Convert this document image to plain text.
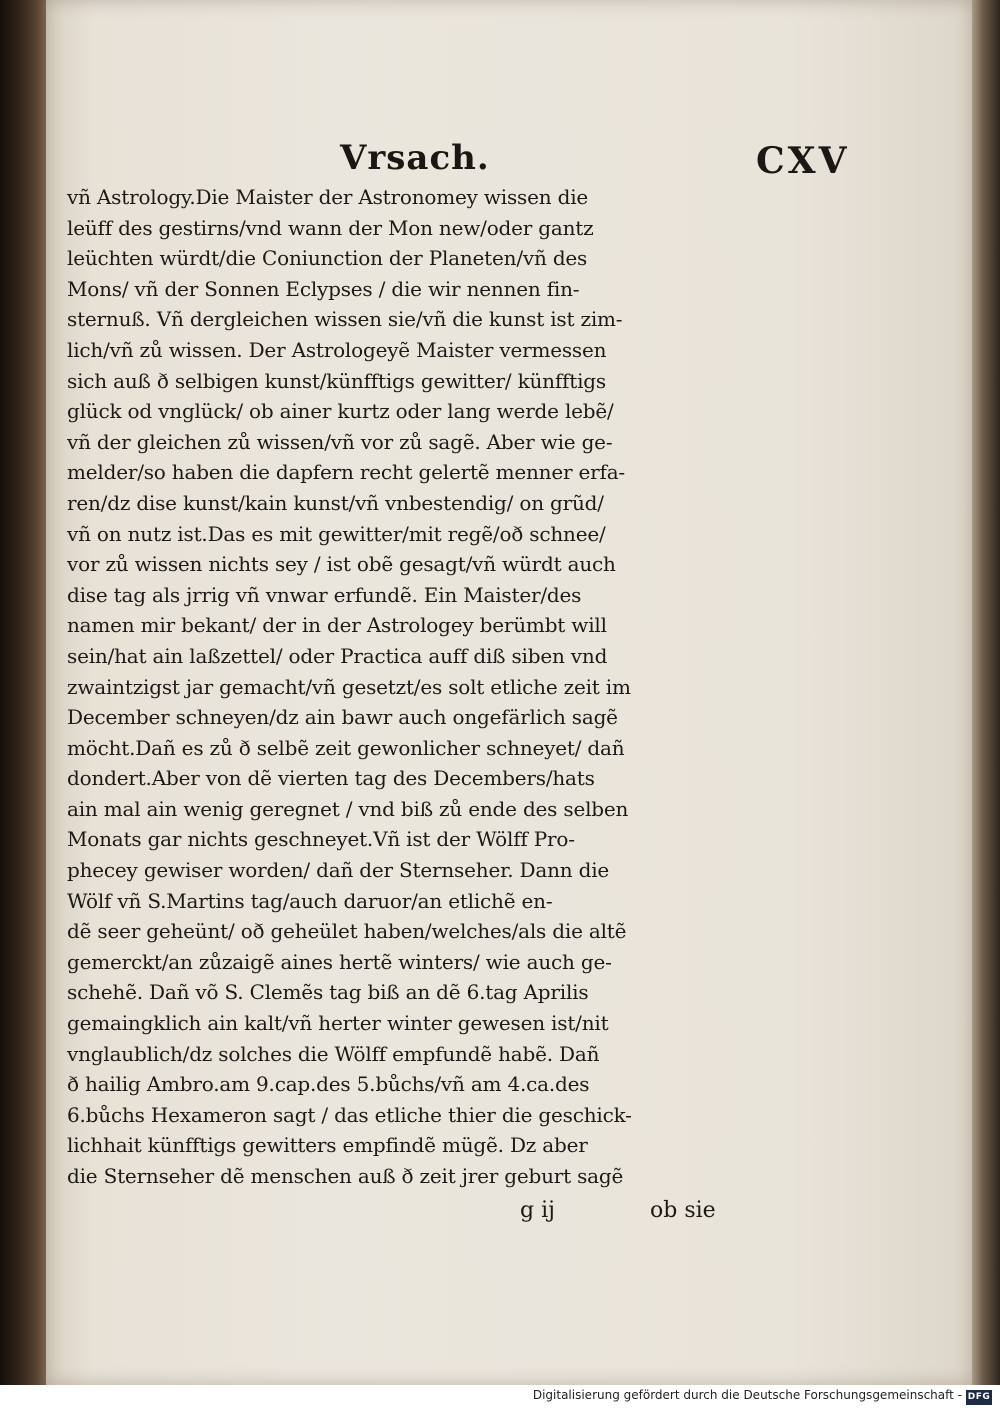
Vrsach.	CXV
vñ Astrology.Die Maister der Astronomey wissen die
leüff des gestirns/vnd wann der Mon new/oder gantz
leüchten würdt/die Coniunction der Planeten/vñ des
Mons/ vñ der Sonnen Eclypses / die wir nennen fin-
sternuß. Vñ dergleichen wissen sie/vñ die kunst ist zim-
lich/vñ zů wissen. Der Astrologeyẽ Maister vermessen
sich auß ð selbigen kunst/künfftigs gewitter/ künfftigs
glück od vnglück/ ob ainer kurtz oder lang werde lebẽ/
vñ der gleichen zů wissen/vñ vor zů sagẽ. Aber wie ge-
melder/so haben die dapfern recht gelertẽ menner erfa-
ren/dz dise kunst/kain kunst/vñ vnbestendig/ on grũd/
vñ on nutz ist.Das es mit gewitter/mit regẽ/oð schnee/
vor zů wissen nichts sey / ist obẽ gesagt/vñ würdt auch
dise tag als jrrig vñ vnwar erfundẽ. Ein Maister/des
namen mir bekant/ der in der Astrologey berümbt will
sein/hat ain laßzettel/ oder Practica auff diß siben vnd
zwaintzigst jar gemacht/vñ gesetzt/es solt etliche zeit im
December schneyen/dz ain bawr auch ongefärlich sagẽ
möcht.Dañ es zů ð selbẽ zeit gewonlicher schneyet/ dañ
dondert.Aber von dẽ vierten tag des Decembers/hats
ain mal ain wenig geregnet / vnd biß zů ende des selben
Monats gar nichts geschneyet.Vñ ist der Wölff Pro-
phecey gewiser worden/ dañ der Sternseher. Dann die
Wölf vñ S.Martins tag/auch daruor/an etlichẽ en-
dẽ seer geheünt/ oð geheület haben/welches/als die altẽ
gemerckt/an zůzaigẽ aines hertẽ winters/ wie auch ge-
schehẽ. Dañ võ S. Clemẽs tag biß an dẽ 6.tag Aprilis
gemaingklich ain kalt/vñ herter winter gewesen ist/nit
vnglaublich/dz solches die Wölff empfundẽ habẽ. Dañ
ð hailig Ambro.am 9.cap.des 5.bůchs/vñ am 4.ca.des
6.bůchs Hexameron sagt / das etliche thier die geschick-
lichhait künfftigs gewitters empfindẽ mügẽ. Dz aber
die Sternseher dẽ menschen auß ð zeit jrer geburt sagẽ
g ij	ob sie
Digitalisierung gefördert durch die Deutsche Forschungsgemeinschaft - DFG
